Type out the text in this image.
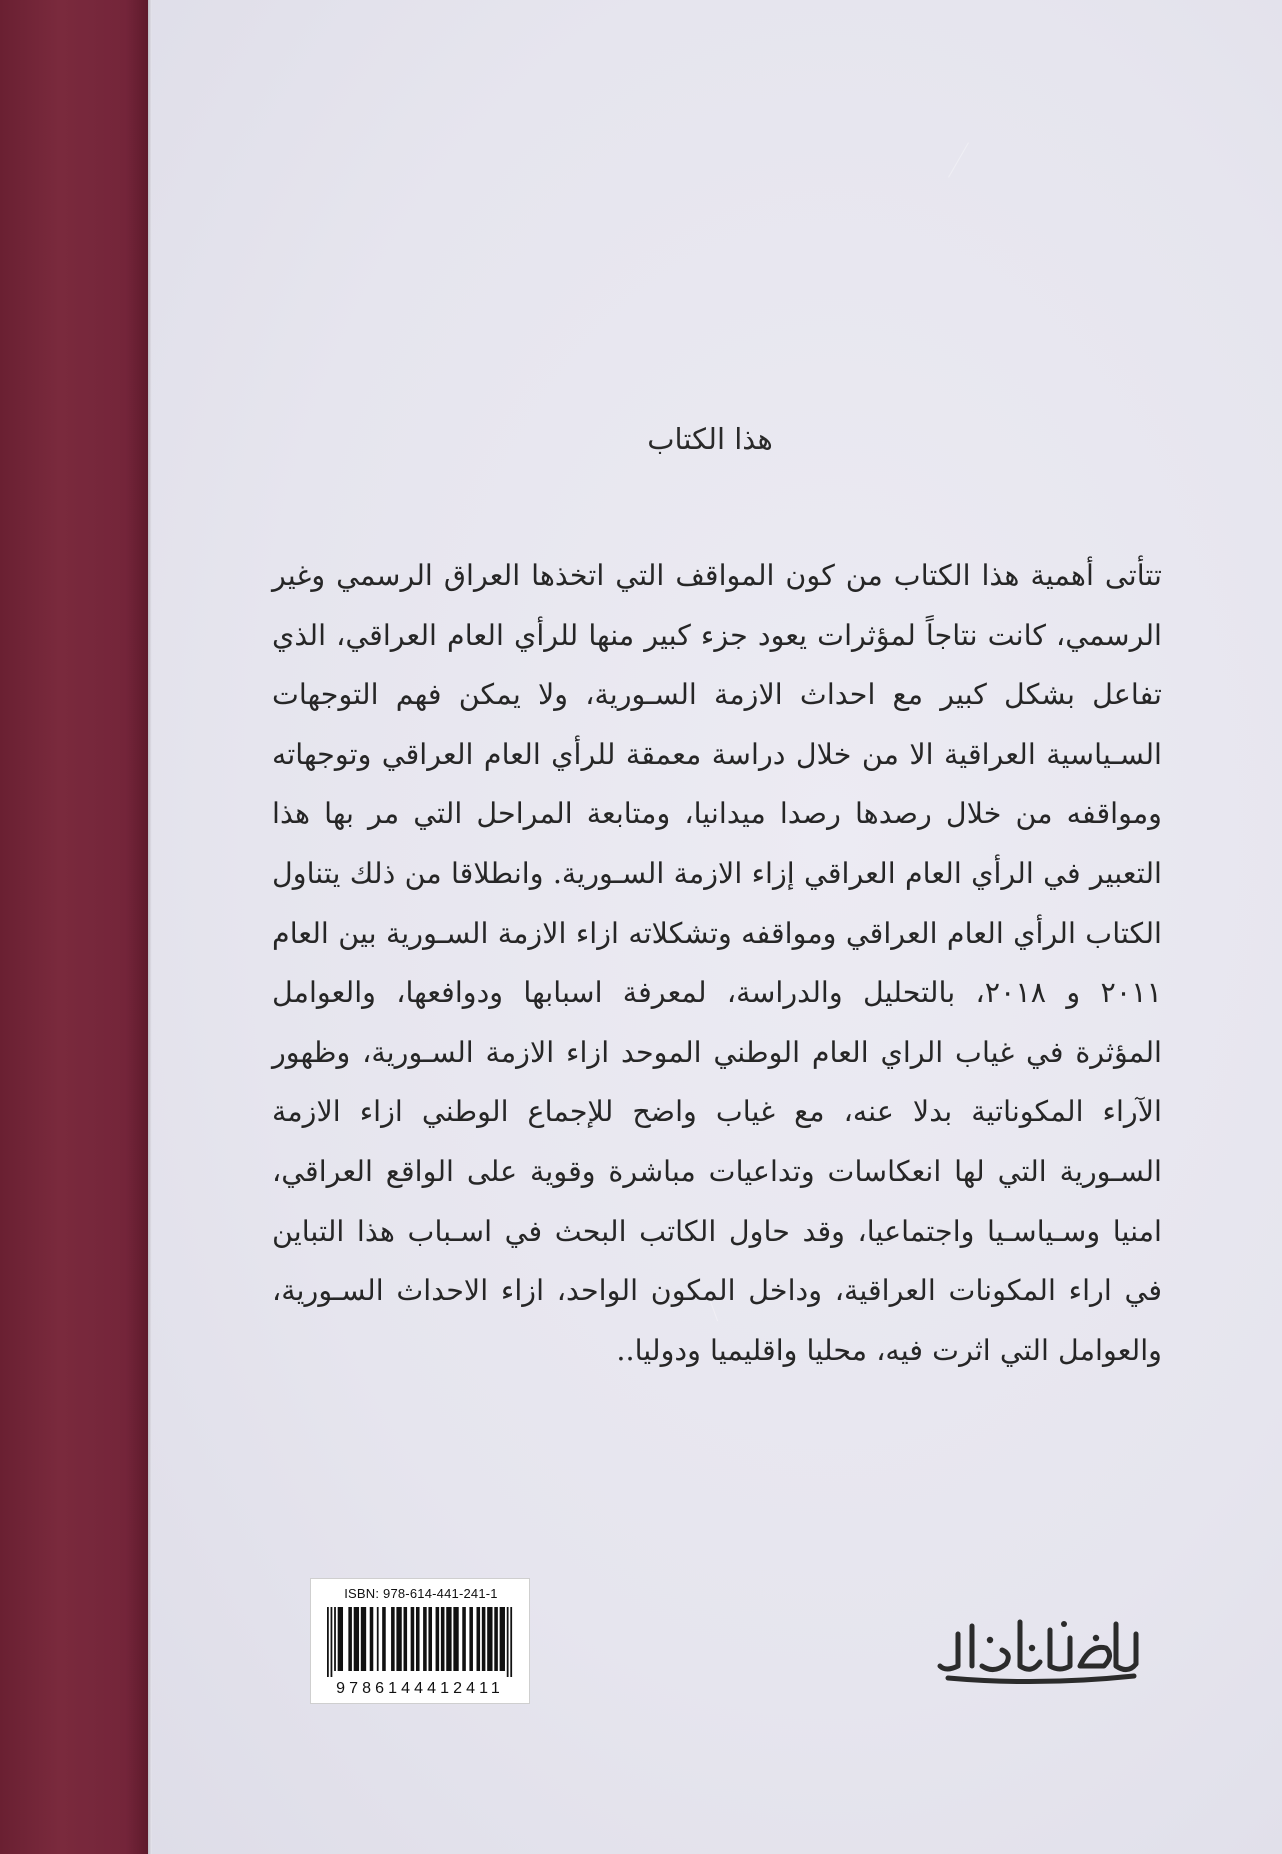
هذا الكتاب
تتأتى أهمية هذا الكتاب من كون المواقف التي اتخذها العراق الرسمي وغير الرسمي، كانت نتاجاً لمؤثرات يعود جزء كبير منها للرأي العام العراقي، الذي تفاعل بشكل كبير مع احداث الازمة السـورية، ولا يمكن فهم التوجهات السـياسية العراقية الا من خلال دراسة معمقة للرأي العام العراقي وتوجهاته ومواقفه من خلال رصدها رصدا ميدانيا، ومتابعة المراحل التي مر بها هذا التعبير في الرأي العام العراقي إزاء الازمة السـورية. وانطلاقا من ذلك يتناول الكتاب الرأي العام العراقي ومواقفه وتشكلاته ازاء الازمة السـورية بين العام ٢٠١١ و ٢٠١٨، بالتحليل والدراسة، لمعرفة اسبابها ودوافعها، والعوامل المؤثرة في غياب الراي العام الوطني الموحد ازاء الازمة السـورية، وظهور الآراء المكوناتية بدلا عنه، مع غياب واضح للإجماع الوطني ازاء الازمة السـورية التي لها انعكاسات وتداعيات مباشرة وقوية على الواقع العراقي، امنيا وسـياسـيا واجتماعيا، وقد حاول الكاتب البحث في اسـباب هذا التباين في اراء المكونات العراقية، وداخل المكون الواحد، ازاء الاحداث السـورية، والعوامل التي اثرت فيه، محليا واقليميا ودوليا..
ISBN: 978-614-441-241-1
9786144412411
.
